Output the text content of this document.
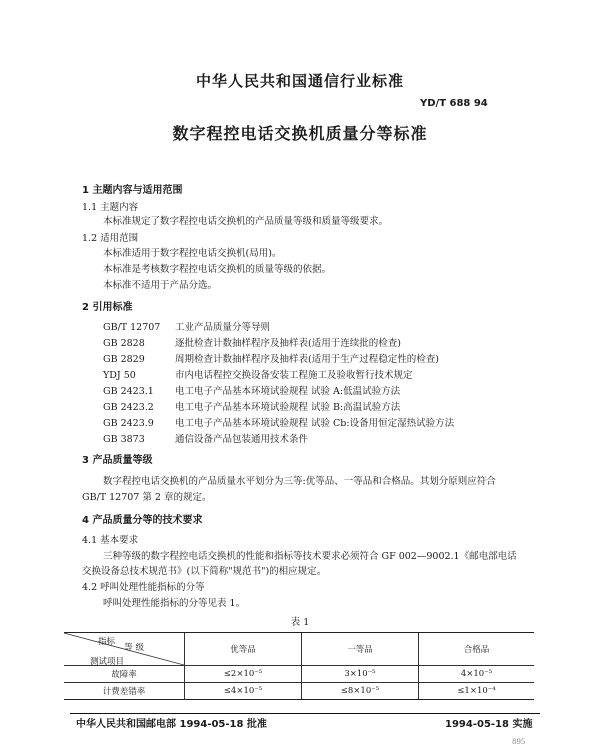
中华人民共和国通信行业标准
YD/T 688 94
数字程控电话交换机质量分等标准
1 主题内容与适用范围
1.1 主题内容
本标准规定了数字程控电话交换机的产品质量等级和质量等级要求。
1.2 适用范围
本标准适用于数字程控电话交换机(局用)。
本标准是考核数字程控电话交换机的质量等级的依据。
本标准不适用于产品分选。
2 引用标准
GB/T 12707 工业产品质量分等导则
GB 2828	逐批检查计数抽样程序及抽样表(适用于连续批的检查)
GB 2829	周期检查计数抽样程序及抽样表(适用于生产过程稳定性的检查)
YDJ 50	市内电话程控交换设备安装工程施工及验收暂行技术规定
GB 2423.1 电工电子产品基本环境试验规程 试验 A:低温试验方法
GB 2423.2 电工电子产品基本环境试验规程 试验 B:高温试验方法
GB 2423.9 电工电子产品基本环境试验规程 试验 Cb:设备用恒定湿热试验方法
GB 3873	通信设备产品包装通用技术条件
3 产品质量等级
数字程控电话交换机的产品质量水平划分为三等:优等品、一等品和合格品。其划分原则应符合
GB/T 12707 第 2 章的规定。
4 产品质量分等的技术要求
4.1 基本要求
三种等级的数字程控电话交换机的性能和指标等技术要求必须符合 GF 002—9002.1《邮电部电话
交换设备总技术规范书》(以下简称"规范书")的相应规定。
4.2 呼叫处理性能指标的分等
呼叫处理性能指标的分等见表 1。
表 1
指标
等 级
测试项目	优等品	一等品	合格品
故障率	≤2×10⁻⁵	3×10⁻⁵	4×10⁻⁵
计费差错率	≤4×10⁻⁵	≤8×10⁻⁵	≤1×10⁻⁴
中华人民共和国邮电部 1994-05-18 批准	1994-05-18 实施
895
